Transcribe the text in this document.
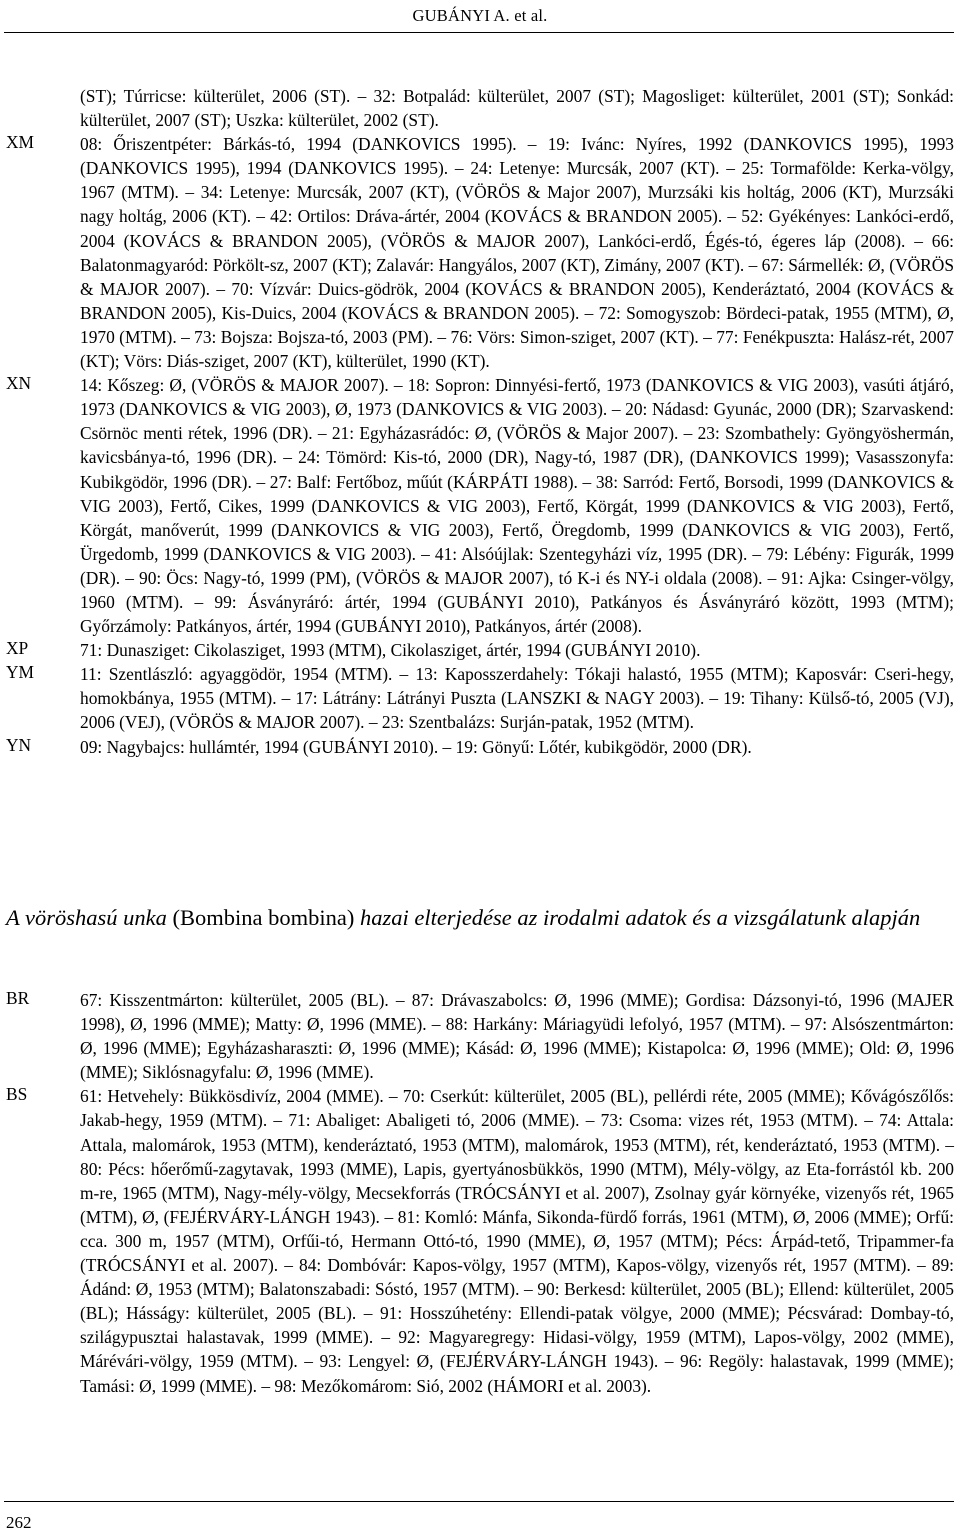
GUBÁNYI A. et al.

(ST); Túrricse: külterület, 2006 (ST). – 32: Botpalád: külterület, 2007 (ST); Magosliget: külterület, 2001 (ST); Sonkád: külterület, 2007 (ST); Uszka: külterület, 2002 (ST).

XM	08: Őriszentpéter: Bárkás-tó, 1994 (DANKOVICS 1995). – 19: Ivánc: Nyíres, 1992 (DANKOVICS 1995), 1993 (DANKOVICS 1995), 1994 (DANKOVICS 1995). – 24: Letenye: Murcsák, 2007 (KT). – 25: Tormafölde: Kerka-völgy, 1967 (MTM). – 34: Letenye: Murcsák, 2007 (KT), (VÖRÖS & Major 2007), Murzsáki kis holtág, 2006 (KT), Murzsáki nagy holtág, 2006 (KT). – 42: Ortilos: Dráva-ártér, 2004 (KOVÁCS & BRANDON 2005). – 52: Gyékényes: Lankóci-erdő, 2004 (KOVÁCS & BRANDON 2005), (VÖRÖS & MAJOR 2007), Lankóci-erdő, Égés-tó, égeres láp (2008). – 66: Balatonmagyaród: Pörkölt-sz, 2007 (KT); Zalavár: Hangyálos, 2007 (KT), Zimány, 2007 (KT). – 67: Sármellék: Ø, (VÖRÖS & MAJOR 2007). – 70: Vízvár: Duics-gödrök, 2004 (KOVÁCS & BRANDON 2005), Kenderáztató, 2004 (KOVÁCS & BRANDON 2005), Kis-Duics, 2004 (KOVÁCS & BRANDON 2005). – 72: Somogyszob: Bördeci-patak, 1955 (MTM), Ø, 1970 (MTM). – 73: Bojsza: Bojsza-tó, 2003 (PM). – 76: Vörs: Simon-sziget, 2007 (KT). – 77: Fenékpuszta: Halász-rét, 2007 (KT); Vörs: Diás-sziget, 2007 (KT), külterület, 1990 (KT).

XN	14: Kőszeg: Ø, (VÖRÖS & MAJOR 2007). – 18: Sopron: Dinnyési-fertő, 1973 (DANKOVICS & VIG 2003), vasúti átjáró, 1973 (DANKOVICS & VIG 2003), Ø, 1973 (DANKOVICS & VIG 2003). – 20: Nádasd: Gyunác, 2000 (DR); Szarvaskend: Csörnöc menti rétek, 1996 (DR). – 21: Egyházasrádóc: Ø, (VÖRÖS & Major 2007). – 23: Szombathely: Gyöngyöshermán, kavicsbánya-tó, 1996 (DR). – 24: Tömörd: Kis-tó, 2000 (DR), Nagy-tó, 1987 (DR), (DANKOVICS 1999); Vasasszonyfa: Kubikgödör, 1996 (DR). – 27: Balf: Fertőboz, műút (KÁRPÁTI 1988). – 38: Sarród: Fertő, Borsodi, 1999 (DANKOVICS & VIG 2003), Fertő, Cikes, 1999 (DANKOVICS & VIG 2003), Fertő, Körgát, 1999 (DANKOVICS & VIG 2003), Fertő, Körgát, manőverút, 1999 (DANKOVICS & VIG 2003), Fertő, Öregdomb, 1999 (DANKOVICS & VIG 2003), Fertő, Ürgedomb, 1999 (DANKOVICS & VIG 2003). – 41: Alsóújlak: Szentegyházi víz, 1995 (DR). – 79: Lébény: Figurák, 1999 (DR). – 90: Öcs: Nagy-tó, 1999 (PM), (VÖRÖS & MAJOR 2007), tó K-i és NY-i oldala (2008). – 91: Ajka: Csinger-völgy, 1960 (MTM). – 99: Ásványráró: ártér, 1994 (GUBÁNYI 2010), Patkányos és Ásványráró között, 1993 (MTM); Győrzámoly: Patkányos, ártér, 1994 (GUBÁNYI 2010), Patkányos, ártér (2008).

XP	71: Dunasziget: Cikolasziget, 1993 (MTM), Cikolasziget, ártér, 1994 (GUBÁNYI 2010).

YM	11: Szentlászló: agyaggödör, 1954 (MTM). – 13: Kaposszerdahely: Tókaji halastó, 1955 (MTM); Kaposvár: Cseri-hegy, homokbánya, 1955 (MTM). – 17: Látrány: Látrányi Puszta (LANSZKI & NAGY 2003). – 19: Tihany: Külső-tó, 2005 (VJ), 2006 (VEJ), (VÖRÖS & MAJOR 2007). – 23: Szentbalázs: Surján-patak, 1952 (MTM).

YN	09: Nagybajcs: hullámtér, 1994 (GUBÁNYI 2010). – 19: Gönyű: Lőtér, kubikgödör, 2000 (DR).

A vöröshasú unka (Bombina bombina) hazai elterjedése az irodalmi adatok és a vizsgálatunk alapján

BR	67: Kisszentmárton: külterület, 2005 (BL). – 87: Drávaszabolcs: Ø, 1996 (MME); Gordisa: Dázsonyi-tó, 1996 (MAJER 1998), Ø, 1996 (MME); Matty: Ø, 1996 (MME). – 88: Harkány: Máriagyüdi lefolyó, 1957 (MTM). – 97: Alsószentmárton: Ø, 1996 (MME); Egyházasharaszti: Ø, 1996 (MME); Kásád: Ø, 1996 (MME); Kistapolca: Ø, 1996 (MME); Old: Ø, 1996 (MME); Siklósnagyfalu: Ø, 1996 (MME).

BS	61: Hetvehely: Bükkösdivíz, 2004 (MME). – 70: Cserkút: külterület, 2005 (BL), pellérdi réte, 2005 (MME); Kővágószőlős: Jakab-hegy, 1959 (MTM). – 71: Abaliget: Abaligeti tó, 2006 (MME). – 73: Csoma: vizes rét, 1953 (MTM). – 74: Attala: Attala, malomárok, 1953 (MTM), kenderáztató, 1953 (MTM), malomárok, 1953 (MTM), rét, kenderáztató, 1953 (MTM). – 80: Pécs: hőerőmű-zagytavak, 1993 (MME), Lapis, gyertyánosbükkös, 1990 (MTM), Mély-völgy, az Eta-forrástól kb. 200 m-re, 1965 (MTM), Nagy-mély-völgy, Mecsekforrás (TRÓCSÁNYI et al. 2007), Zsolnay gyár környéke, vizenyős rét, 1965 (MTM), Ø, (FEJÉRVÁRY-LÁNGH 1943). – 81: Komló: Mánfa, Sikonda-fürdő forrás, 1961 (MTM), Ø, 2006 (MME); Orfű: cca. 300 m, 1957 (MTM), Orfűi-tó, Hermann Ottó-tó, 1990 (MME), Ø, 1957 (MTM); Pécs: Árpád-tető, Tripammer-fa (TRÓCSÁNYI et al. 2007). – 84: Dombóvár: Kapos-völgy, 1957 (MTM), Kapos-völgy, vizenyős rét, 1957 (MTM). – 89: Ádánd: Ø, 1953 (MTM); Balatonszabadi: Sóstó, 1957 (MTM). – 90: Berkesd: külterület, 2005 (BL); Ellend: külterület, 2005 (BL); Hásságy: külterület, 2005 (BL). – 91: Hosszúhetény: Ellendi-patak völgye, 2000 (MME); Pécsvárad: Dombay-tó, szilágypusztai halastavak, 1999 (MME). – 92: Magyaregregy: Hidasi-völgy, 1959 (MTM), Lapos-völgy, 2002 (MME), Márévári-völgy, 1959 (MTM). – 93: Lengyel: Ø, (FEJÉRVÁRY-LÁNGH 1943). – 96: Regöly: halastavak, 1999 (MME); Tamási: Ø, 1999 (MME). – 98: Mezőkomárom: Sió, 2002 (HÁMORI et al. 2003).

262
